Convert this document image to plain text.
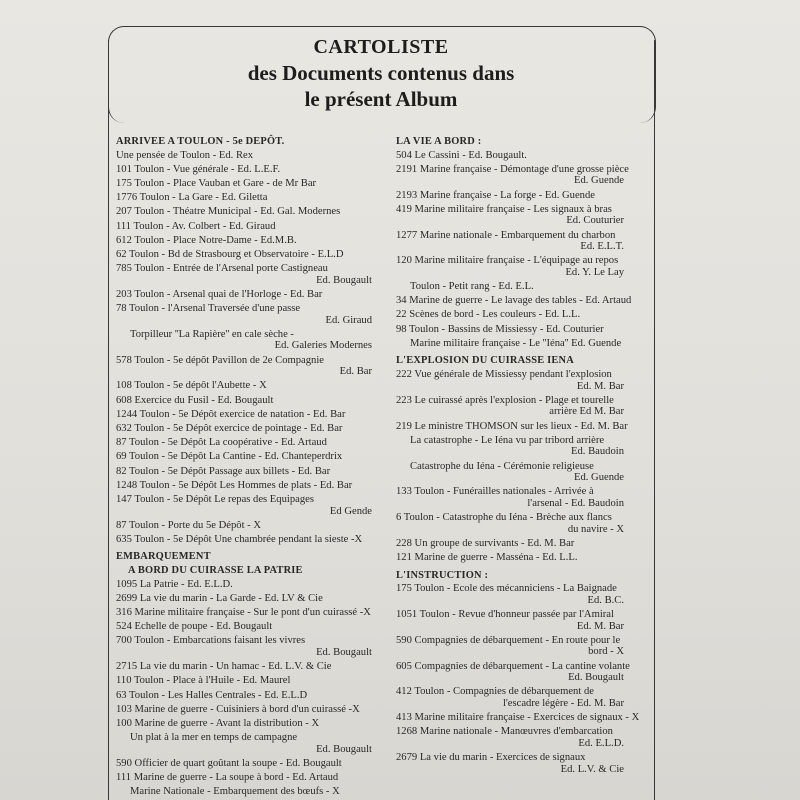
CARTOLISTE
des Documents contenus dans
le présent Album
ARRIVEE A TOULON - 5e DEPÔT.
Une pensée de Toulon - Ed. Rex
101 Toulon - Vue générale - Ed. L.E.F.
175 Toulon - Place Vauban et Gare - de Mr Bar
1776 Toulon - La Gare - Ed. Giletta
207 Toulon - Théatre Municipal - Ed. Gal. Modernes
111 Toulon - Av. Colbert - Ed. Giraud
612 Toulon - Place Notre-Dame - Ed.M.B.
62 Toulon - Bd de Strasbourg et Observatoire - E.L.D
785 Toulon - Entrée de l'Arsenal porte Castigneau
Ed. Bougault
203 Toulon - Arsenal quai de l'Horloge - Ed. Bar
78 Toulon - l'Arsenal Traversée d'une passe
Ed. Giraud
Torpilleur ''La Rapière'' en cale sèche -
Ed. Galeries Modernes
578 Toulon - 5e dépôt Pavillon de 2e Compagnie
Ed. Bar
108 Toulon - 5e dépôt l'Aubette - X
608 Exercice du Fusil - Ed. Bougault
1244 Toulon - 5e Dépôt exercice de natation - Ed. Bar
632 Toulon - 5e Dépôt exercice de pointage - Ed. Bar
87 Toulon - 5e Dépôt La coopérative - Ed. Artaud
69 Toulon - 5e Dépôt La Cantine - Ed. Chanteperdrix
82 Toulon - 5e Dépôt Passage aux billets - Ed. Bar
1248 Toulon - 5e Dépôt Les Hommes de plats - Ed. Bar
147 Toulon - 5e Dépôt Le repas des Equipages
Ed Gende
87 Toulon - Porte du 5e Dépôt - X
635 Toulon - 5e Dépôt Une chambrée pendant la sieste -X
EMBARQUEMENT
A BORD DU CUIRASSE LA PATRIE
1095 La Patrie - Ed. E.L.D.
2699 La vie du marin - La Garde - Ed. LV & Cie
316 Marine militaire française - Sur le pont d'un cuirassé -X
524 Echelle de poupe - Ed. Bougault
700 Toulon - Embarcations faisant les vivres
Ed. Bougault
2715 La vie du marin - Un hamac - Ed. L.V. & Cie
110 Toulon - Place à l'Huile - Ed. Maurel
63 Toulon - Les Halles Centrales - Ed. E.L.D
103 Marine de guerre - Cuisiniers à bord d'un cuirassé -X
100 Marine de guerre - Avant la distribution - X
Un plat à la mer en temps de campagne
Ed. Bougault
590 Officier de quart goûtant la soupe - Ed. Bougault
111 Marine de guerre - La soupe à bord - Ed. Artaud
Marine Nationale - Embarquement des bœufs - X
LA VIE A BORD :
504 Le Cassini - Ed. Bougault.
2191 Marine française - Démontage d'une grosse pièce
Ed. Guende
2193 Marine française - La forge - Ed. Guende
419 Marine militaire française - Les signaux à bras
Ed. Couturier
1277 Marine nationale - Embarquement du charbon
Ed. E.L.T.
120 Marine militaire française - L'équipage au repos
Ed. Y. Le Lay
Toulon - Petit rang - Ed. E.L.
34 Marine de guerre - Le lavage des tables - Ed. Artaud
22 Scènes de bord - Les couleurs - Ed. L.L.
98 Toulon - Bassins de Missiessy - Ed. Couturier
Marine militaire française - Le ''Iéna'' Ed. Guende
L'EXPLOSION DU CUIRASSE IENA
222 Vue générale de Missiessy pendant l'explosion
Ed. M. Bar
223 Le cuirassé après l'explosion - Plage et tourelle
arrière Ed M. Bar
219 Le ministre THOMSON sur les lieux - Ed. M. Bar
La catastrophe - Le Iéna vu par tribord arrière
Ed. Baudoin
Catastrophe du Iéna - Cérémonie religieuse
Ed. Guende
133 Toulon - Funérailles nationales - Arrivée à
l'arsenal - Ed. Baudoin
6 Toulon - Catastrophe du Iéna - Brèche aux flancs
du navire - X
228 Un groupe de survivants - Ed. M. Bar
121 Marine de guerre - Masséna - Ed. L.L.
L'INSTRUCTION :
175 Toulon - Ecole des mécanniciens - La Baignade
Ed. B.C.
1051 Toulon - Revue d'honneur passée par l'Amiral
Ed. M. Bar
590 Compagnies de débarquement - En route pour le
bord - X
605 Compagnies de débarquement - La cantine volante
Ed. Bougault
412 Toulon - Compagnies de débarquement de
l'escadre légère - Ed. M. Bar
413 Marine militaire française - Exercices de signaux - X
1268 Marine nationale - Manœuvres d'embarcation
Ed. E.L.D.
2679 La vie du marin - Exercices de signaux
Ed. L.V. & Cie
